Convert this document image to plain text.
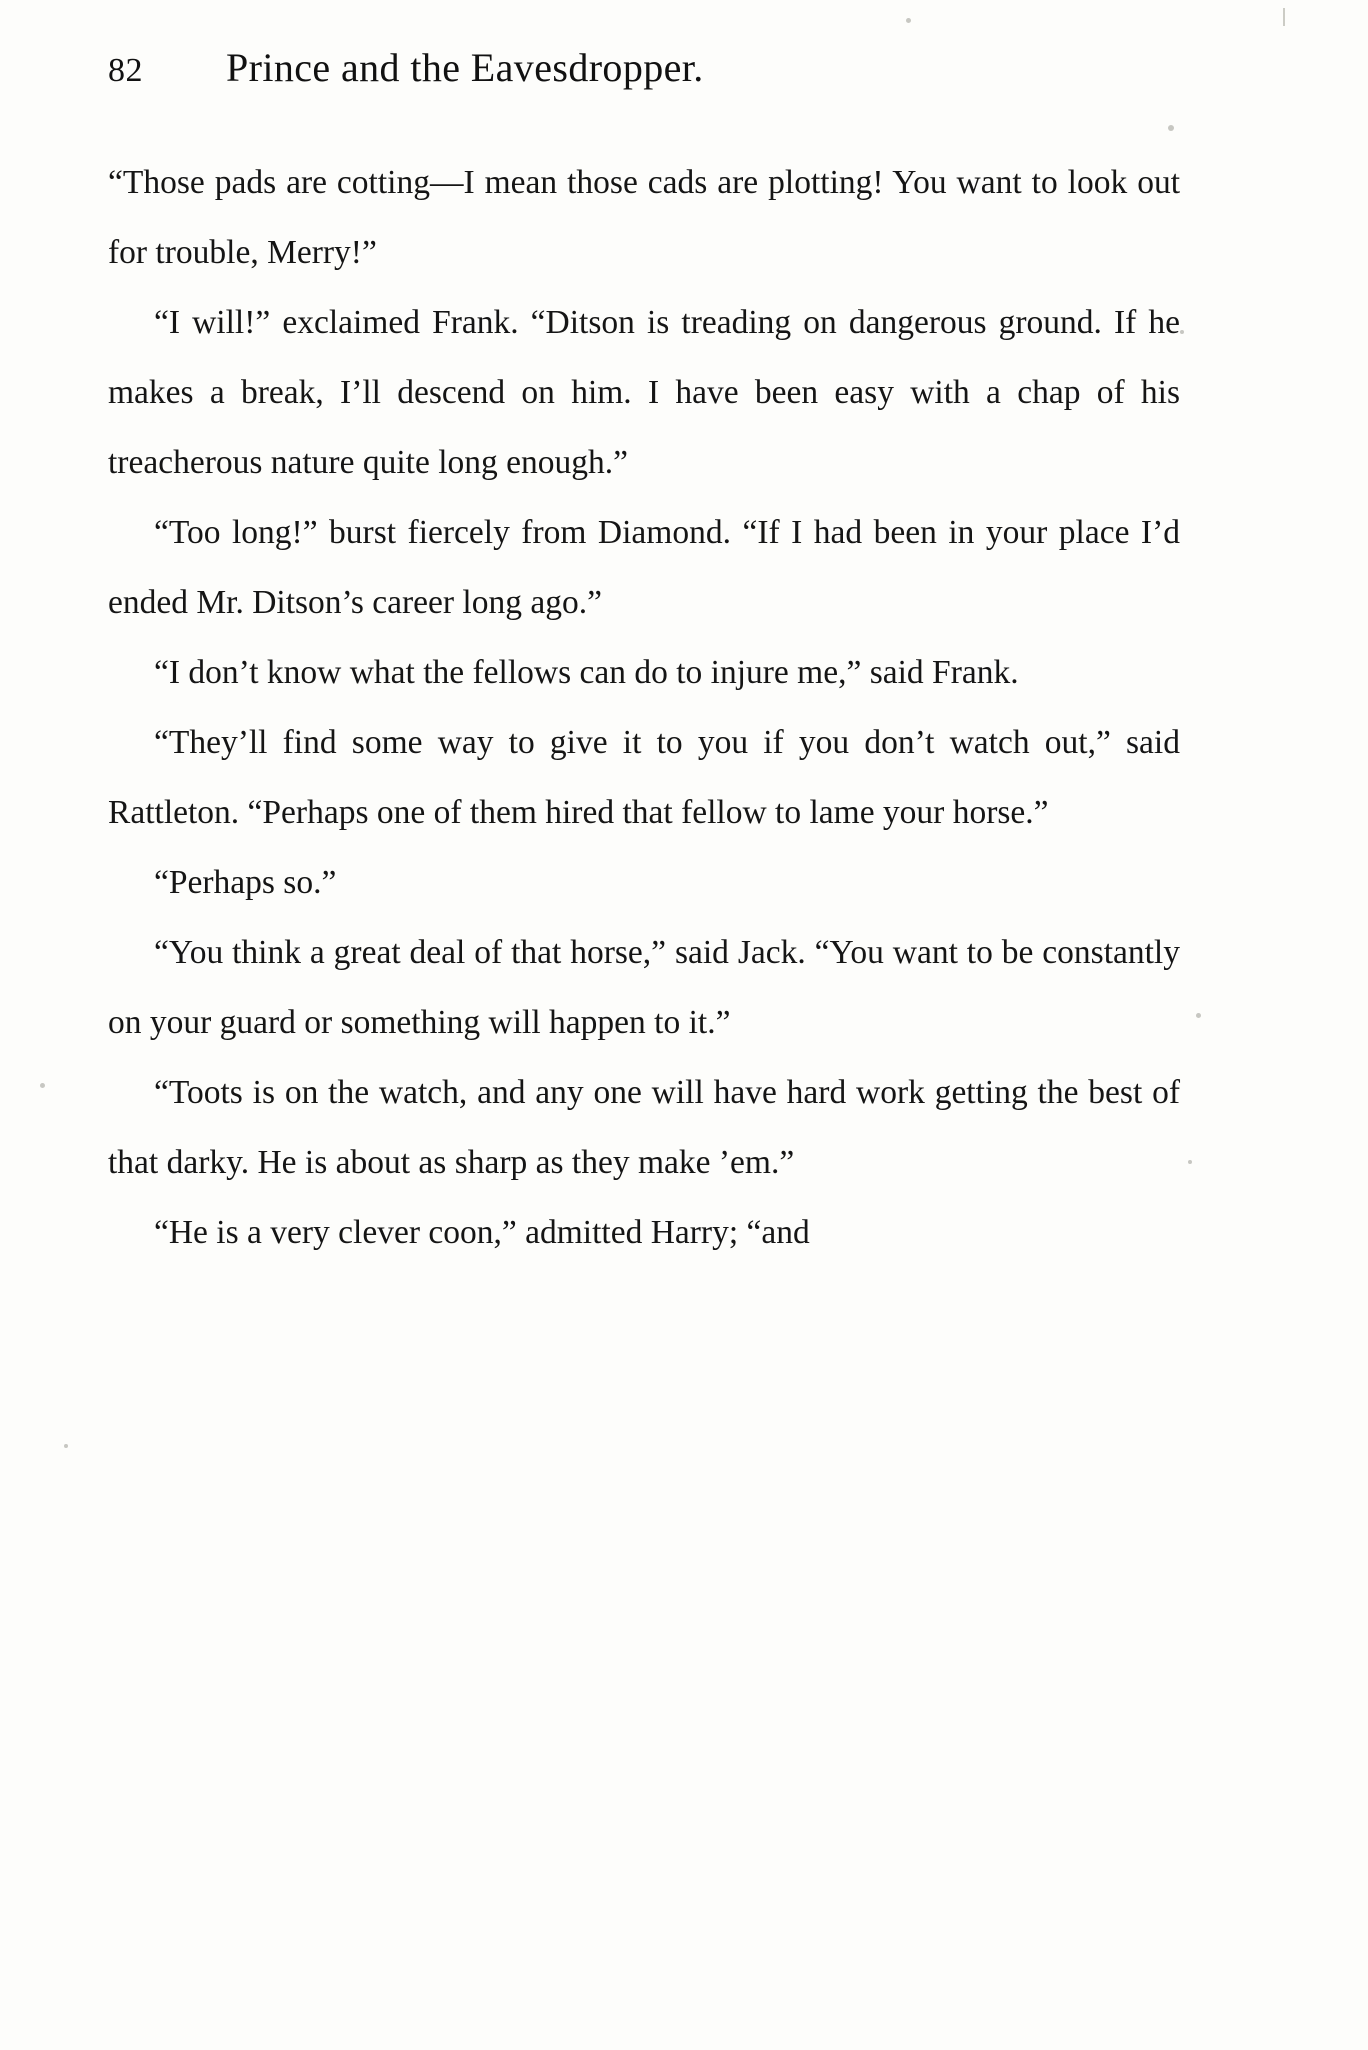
82	Prince and the Eavesdropper.

“Those pads are cotting—I mean those cads are plotting! You want to look out for trouble, Merry!”

“I will!” exclaimed Frank. “Ditson is treading on dangerous ground. If he makes a break, I’ll descend on him. I have been easy with a chap of his treacherous nature quite long enough.”

“Too long!” burst fiercely from Diamond. “If I had been in your place I’d ended Mr. Ditson’s career long ago.”

“I don’t know what the fellows can do to injure me,” said Frank.

“They’ll find some way to give it to you if you don’t watch out,” said Rattleton. “Perhaps one of them hired that fellow to lame your horse.”

“Perhaps so.”

“You think a great deal of that horse,” said Jack. “You want to be constantly on your guard or something will happen to it.”

“Toots is on the watch, and any one will have hard work getting the best of that darky. He is about as sharp as they make ’em.”

“He is a very clever coon,” admitted Harry; “and
